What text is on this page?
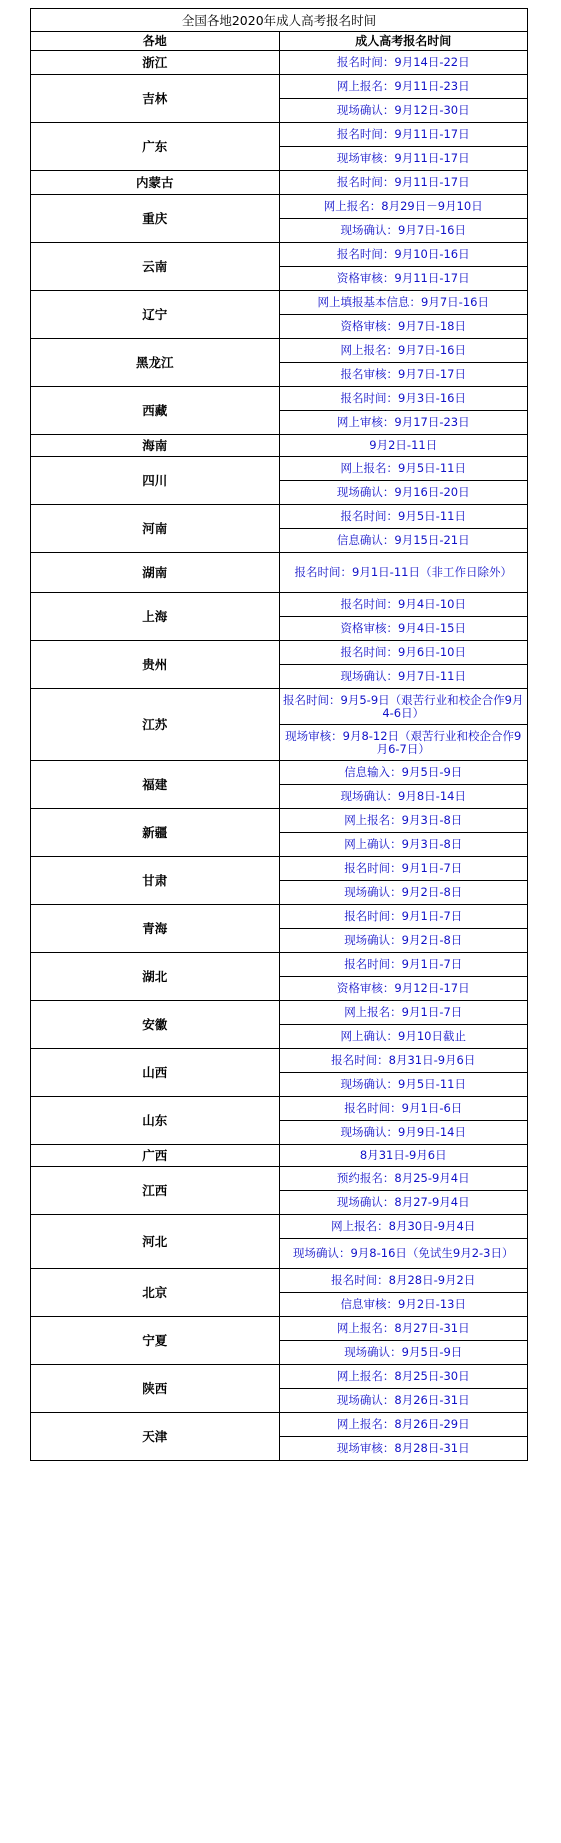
全国各地2020年成人高考报名时间	
各地	成人高考报名时间
浙江	报名时间：9月14日-22日
吉林	网上报名：9月11日-23日
	现场确认：9月12日-30日
广东	报名时间：9月11日-17日
	现场审核：9月11日-17日
内蒙古	报名时间：9月11日-17日
重庆	网上报名：8月29日－9月10日
	现场确认：9月7日-16日
云南	报名时间：9月10日-16日
	资格审核：9月11日-17日
辽宁	网上填报基本信息：9月7日-16日
	资格审核：9月7日-18日
黑龙江	网上报名：9月7日-16日
	报名审核：9月7日-17日
西藏	报名时间：9月3日-16日
	网上审核：9月17日-23日
海南	9月2日-11日
四川	网上报名：9月5日-11日
	现场确认：9月16日-20日
河南	报名时间：9月5日-11日
	信息确认：9月15日-21日
湖南	报名时间：9月1日-11日（非工作日除外）
上海	报名时间：9月4日-10日
	资格审核：9月4日-15日
贵州	报名时间：9月6日-10日
	现场确认：9月7日-11日
江苏	报名时间：9月5-9日（艰苦行业和校企合作9月4-6日）
	现场审核：9月8-12日（艰苦行业和校企合作9月6-7日）
福建	信息输入：9月5日-9日
	现场确认：9月8日-14日
新疆	网上报名：9月3日-8日
	网上确认：9月3日-8日
甘肃	报名时间：9月1日-7日
	现场确认：9月2日-8日
青海	报名时间：9月1日-7日
	现场确认：9月2日-8日
湖北	报名时间：9月1日-7日
	资格审核：9月12日-17日
安徽	网上报名：9月1日-7日
	网上确认：9月10日截止
山西	报名时间：8月31日-9月6日
	现场确认：9月5日-11日
山东	报名时间：9月1日-6日
	现场确认：9月9日-14日
广西	8月31日-9月6日
江西	预约报名：8月25-9月4日
	现场确认：8月27-9月4日
河北	网上报名：8月30日-9月4日
	现场确认：9月8-16日（免试生9月2-3日）
北京	报名时间：8月28日-9月2日
	信息审核：9月2日-13日
宁夏	网上报名：8月27日-31日
	现场确认：9月5日-9日
陕西	网上报名：8月25日-30日
	现场确认：8月26日-31日
天津	网上报名：8月26日-29日
	现场审核：8月28日-31日
